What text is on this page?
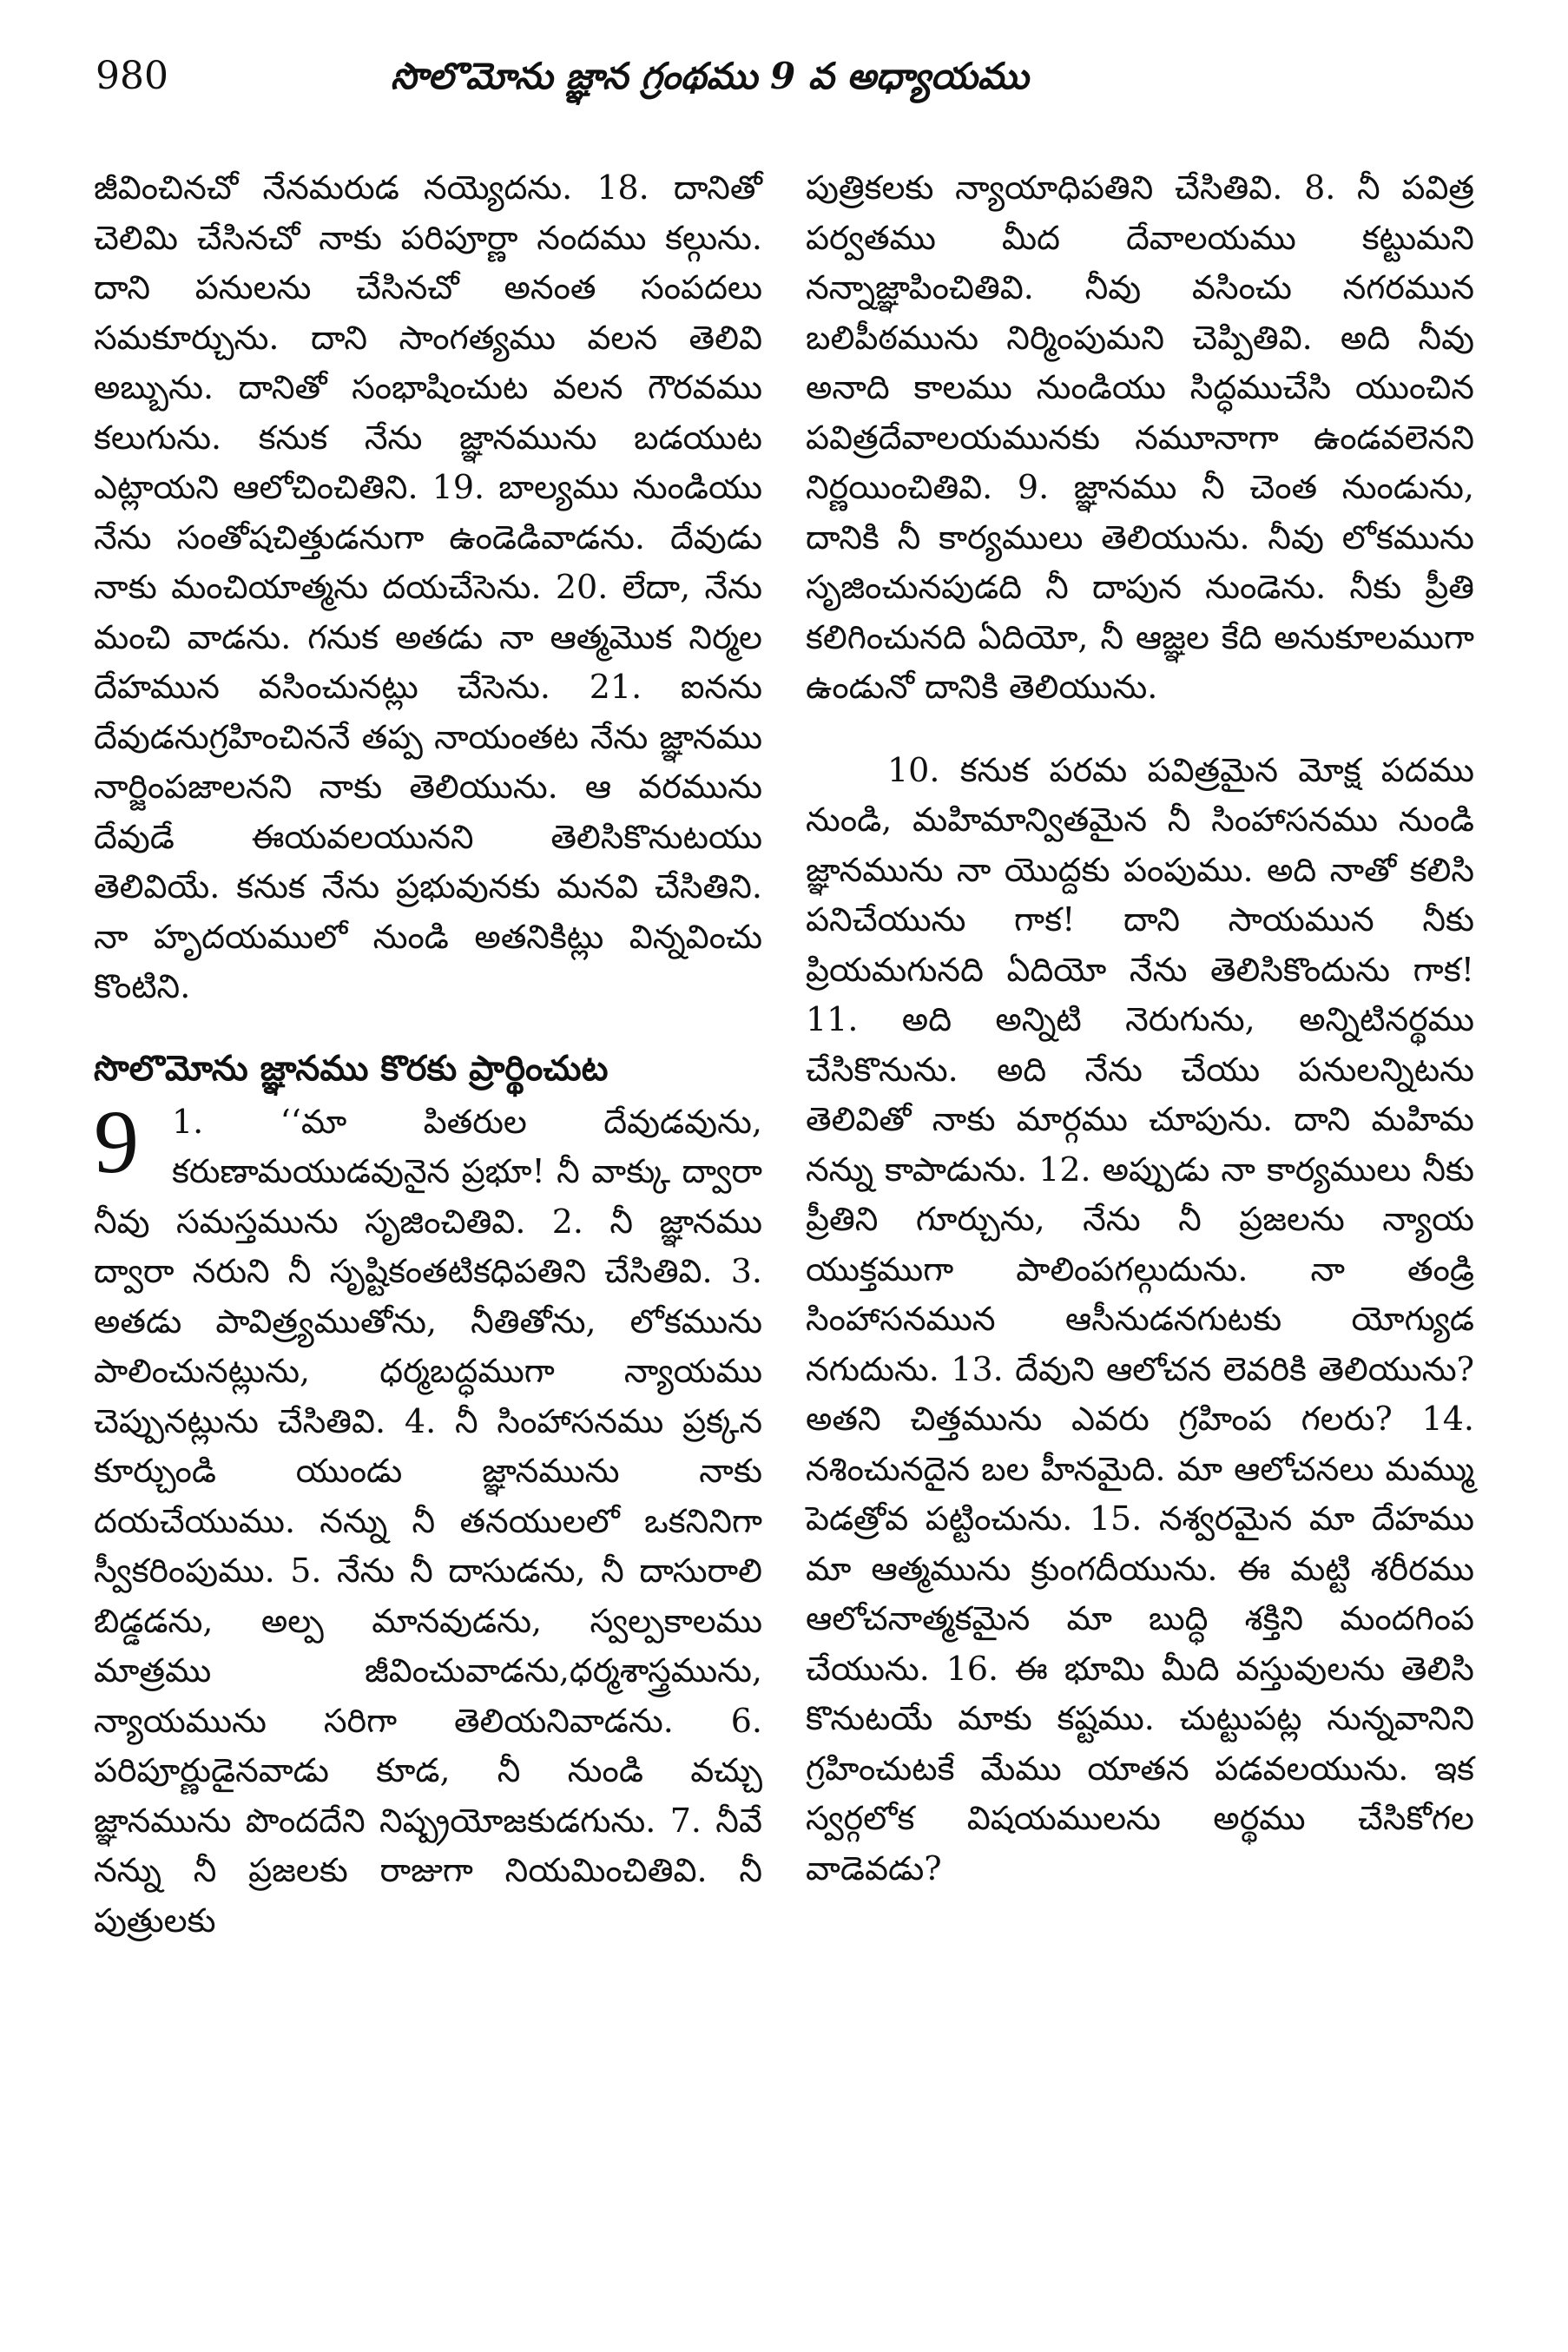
980	సొలొమోను జ్ఞాన గ్రంథము 9 వ అధ్యాయము

జీవించినచో నేనమరుడ నయ్యెదను. 18. దానితో చెలిమి చేసినచో నాకు పరిపూర్ణా నందము కల్గును. దాని పనులను చేసినచో అనంత సంపదలు సమకూర్చును. దాని సాంగత్యము వలన తెలివి అబ్బును. దానితో సంభాషించుట వలన గౌరవము కలుగును. కనుక నేను జ్ఞానమును బడయుట ఎట్లాయని ఆలోచించితిని. 19. బాల్యము నుండియు నేను సంతోషచిత్తుడనుగా ఉండెడివాడను. దేవుడు నాకు మంచియాత్మను దయచేసెను. 20. లేదా, నేను మంచి వాడను. గనుక అతడు నా ఆత్మమొక నిర్మల దేహమున వసించునట్లు చేసెను. 21. ఐనను దేవుడనుగ్రహించిననే తప్ప నాయంతట నేను జ్ఞానము నార్జింపజాలనని నాకు తెలియును. ఆ వరమును దేవుడే ఈయవలయునని తెలిసికొనుటయు తెలివియే. కనుక నేను ప్రభువునకు మనవి చేసితిని. నా హృదయములో నుండి అతనికిట్లు విన్నవించు కొంటిని.

సొలొమోను జ్ఞానము కొరకు ప్రార్థించుట

9 1. ‘‘మా పితరుల దేవుడవును, కరుణామయుడవునైన ప్రభూ! నీ వాక్కు ద్వారా నీవు సమస్తమును సృజించితివి. 2. నీ జ్ఞానము ద్వారా నరుని నీ సృష్టికంతటికధిపతిని చేసితివి. 3. అతడు పావిత్ర్యముతోను, నీతితోను, లోకమును పాలించునట్లును, ధర్మబద్ధముగా న్యాయము చెప్పునట్లును చేసితివి. 4. నీ సింహాసనము ప్రక్కన కూర్చుండి యుండు జ్ఞానమును నాకు దయచేయుము. నన్ను నీ తనయులలో ఒకనినిగా స్వీకరింపుము. 5. నేను నీ దాసుడను, నీ దాసురాలి బిడ్డడను, అల్ప మానవుడను, స్వల్పకాలము మాత్రము జీవించువాడను,ధర్మశాస్త్రమును, న్యాయమును సరిగా తెలియనివాడను. 6. పరిపూర్ణుడైనవాడు కూడ, నీ నుండి వచ్చు జ్ఞానమును పొందదేని నిష్ప్రయోజకుడగును. 7. నీవే నన్ను నీ ప్రజలకు రాజుగా నియమించితివి. నీ పుత్రులకు

పుత్రికలకు న్యాయాధిపతిని చేసితివి. 8. నీ పవిత్ర పర్వతము మీద దేవాలయము కట్టుమని నన్నాజ్ఞాపించితివి. నీవు వసించు నగరమున బలిపీఠమును నిర్మింపుమని చెప్పితివి. అది నీవు అనాది కాలము నుండియు సిద్ధముచేసి యుంచిన పవిత్రదేవాలయమునకు నమూనాగా ఉండవలెనని నిర్ణయించితివి. 9. జ్ఞానము నీ చెంత నుండును, దానికి నీ కార్యములు తెలియును. నీవు లోకమును సృజించునపుడది నీ దాపున నుండెను. నీకు ప్రీతి కలిగించునది ఏదియో, నీ ఆజ్ఞల కేది అనుకూలముగా ఉండునో దానికి తెలియును.

10. కనుక పరమ పవిత్రమైన మోక్ష పదము నుండి, మహిమాన్వితమైన నీ సింహాసనము నుండి జ్ఞానమును నా యొద్దకు పంపుము. అది నాతో కలిసి పనిచేయును గాక! దాని సాయమున నీకు ప్రియమగునది ఏదియో నేను తెలిసికొందును గాక! 11. అది అన్నిటి నెరుగును, అన్నిటినర్థము చేసికొనును. అది నేను చేయు పనులన్నిటను తెలివితో నాకు మార్గము చూపును. దాని మహిమ నన్ను కాపాడును. 12. అప్పుడు నా కార్యములు నీకు ప్రీతిని గూర్చును, నేను నీ ప్రజలను న్యాయ యుక్తముగా పాలింపగల్గుదును. నా తండ్రి సింహాసనమున ఆసీనుడనగుటకు యోగ్యుడ నగుదును. 13. దేవుని ఆలోచన లెవరికి తెలియును? అతని చిత్తమును ఎవరు గ్రహింప గలరు? 14. నశించునదైన బల హీనమైది. మా ఆలోచనలు మమ్ము పెడత్రోవ పట్టించును. 15. నశ్వరమైన మా దేహము మా ఆత్మమును క్రుంగదీయును. ఈ మట్టి శరీరము ఆలోచనాత్మకమైన మా బుద్ధి శక్తిని మందగింప చేయును. 16. ఈ భూమి మీది వస్తువులను తెలిసి కొనుటయే మాకు కష్టము. చుట్టుపట్ల నున్నవానిని గ్రహించుటకే మేము యాతన పడవలయును. ఇక స్వర్గలోక విషయములను అర్థము చేసికోగల వాడెవడు?
